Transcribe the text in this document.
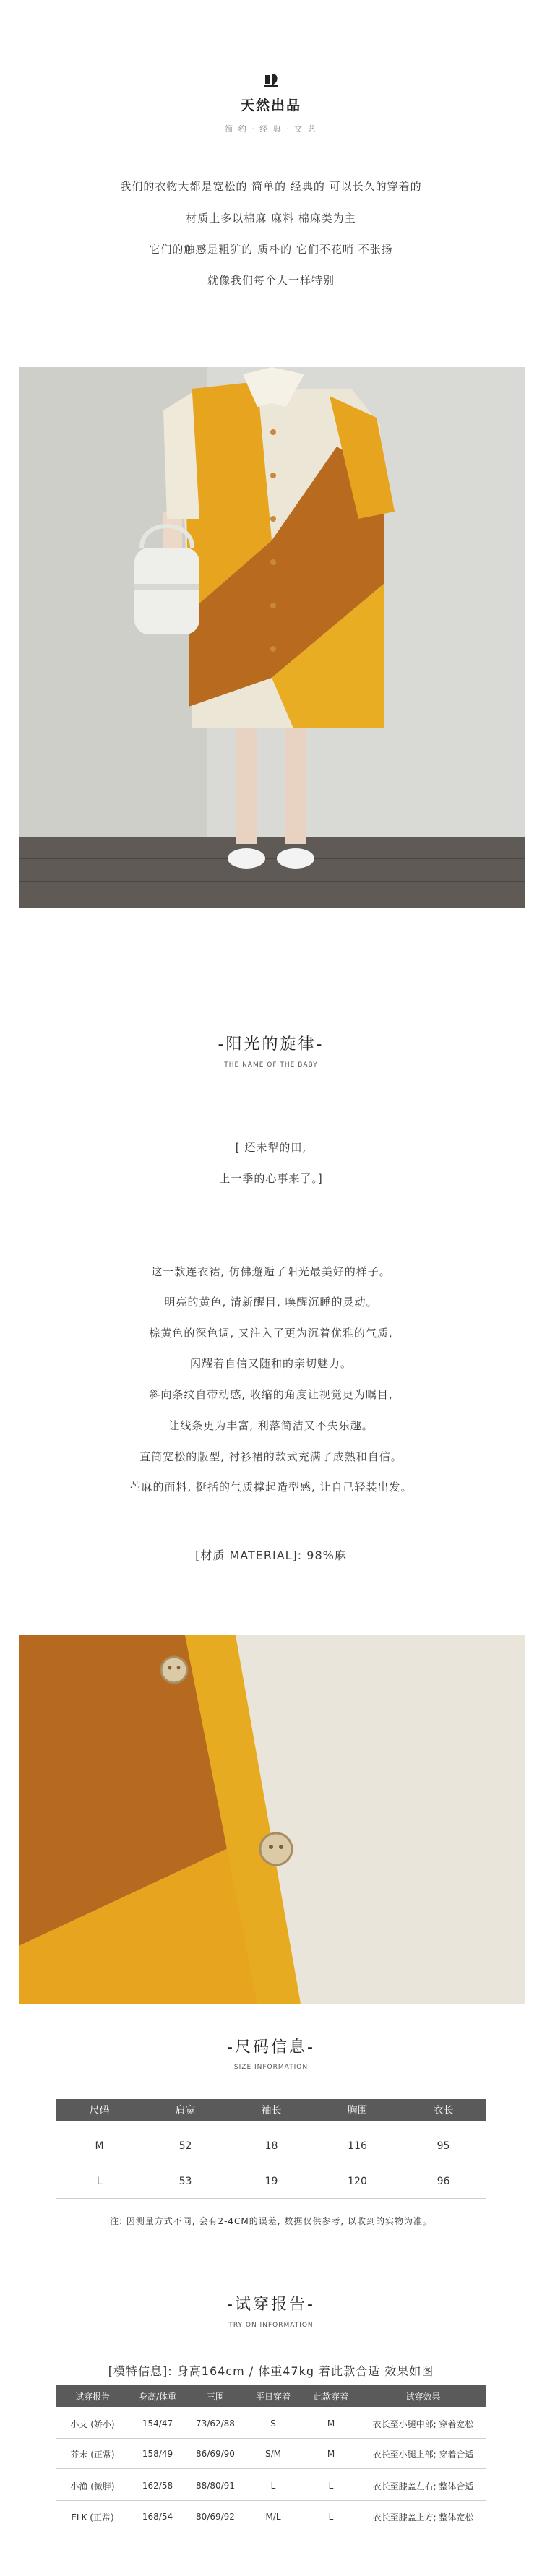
天然出品
简 约 · 经 典 · 文 艺
我们的衣物大都是宽松的 简单的 经典的 可以长久的穿着的
材质上多以棉麻 麻料 棉麻类为主
它们的触感是粗犷的 质朴的 它们不花哨 不张扬
就像我们每个人一样特别
-阳光的旋律-
THE NAME OF THE BABY
[ 还未犁的田,
上一季的心事来了。]
这一款连衣裙, 仿佛邂逅了阳光最美好的样子。
明亮的黄色, 清新醒目, 唤醒沉睡的灵动。
棕黄色的深色调, 又注入了更为沉着优雅的气质,
闪耀着自信又随和的亲切魅力。
斜向条纹自带动感, 收缩的角度让视觉更为瞩目,
让线条更为丰富, 利落简洁又不失乐趣。
直筒宽松的版型, 衬衫裙的款式充满了成熟和自信。
苎麻的面料, 挺括的气质撑起造型感, 让自己轻装出发。
[材质 MATERIAL]: 98%麻
-尺码信息-
SIZE INFORMATION
尺码	肩宽	袖长	胸围	衣长
M	52	18	116	95
L	53	19	120	96
注: 因测量方式不同, 会有2-4CM的误差, 数据仅供参考, 以收到的实物为准。
-试穿报告-
TRY ON INFORMATION
[模特信息]: 身高164cm / 体重47kg 着此款合适 效果如图
试穿报告	身高/体重	三围	平日穿着	此款穿着	试穿效果
小艾 (娇小)	154/47	73/62/88	S	M	衣长至小腿中部; 穿着宽松
芥末 (正常)	158/49	86/69/90	S/M	M	衣长至小腿上部; 穿着合适
小渔 (微胖)	162/58	88/80/91	L	L	衣长至膝盖左右; 整体合适
ELK (正常)	168/54	80/69/92	M/L	L	衣长至膝盖上方; 整体宽松
